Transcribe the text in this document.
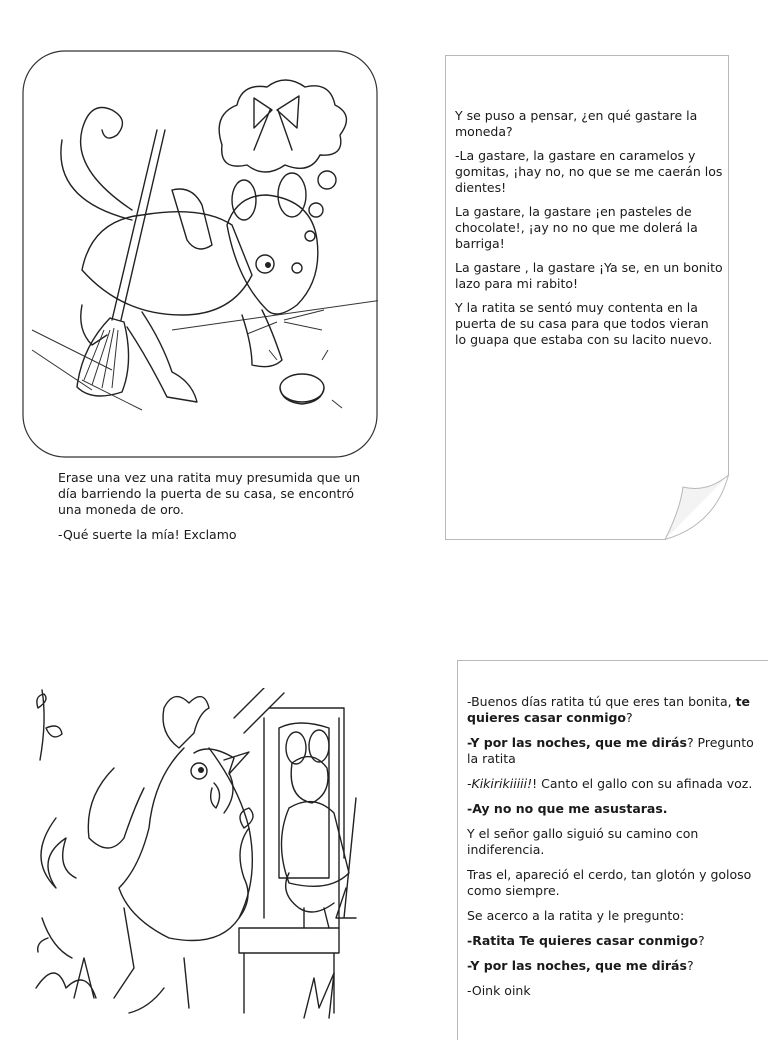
Erase una vez una ratita muy presumida que un día barriendo la puerta de su casa, se encontró una moneda de oro.

-Qué suerte la mía! Exclamo

Y se puso a pensar, ¿en qué gastare la moneda?

-La gastare, la gastare en caramelos y gomitas, ¡hay no, no que se me caerán los dientes!

La gastare, la gastare ¡en pasteles de chocolate!, ¡ay no no que me dolerá la barriga!

La gastare , la gastare ¡Ya se, en un bonito lazo para mi rabito!

Y la ratita se sentó muy contenta en la puerta de su casa para que todos vieran lo guapa que estaba con su lacito nuevo.

-Buenos días ratita tú que eres tan bonita, te quieres casar conmigo?

-Y por las noches, que me dirás? Pregunto la ratita

-Kikirikiiiii!! Canto el gallo con su afinada voz.

-Ay no no que me asustaras.

Y el señor gallo siguió su camino con indiferencia.

Tras el, apareció el cerdo, tan glotón y goloso como siempre.

Se acerco a la ratita y le pregunto:

-Ratita Te quieres casar conmigo?

-Y por las noches, que me dirás?

-Oink oink
